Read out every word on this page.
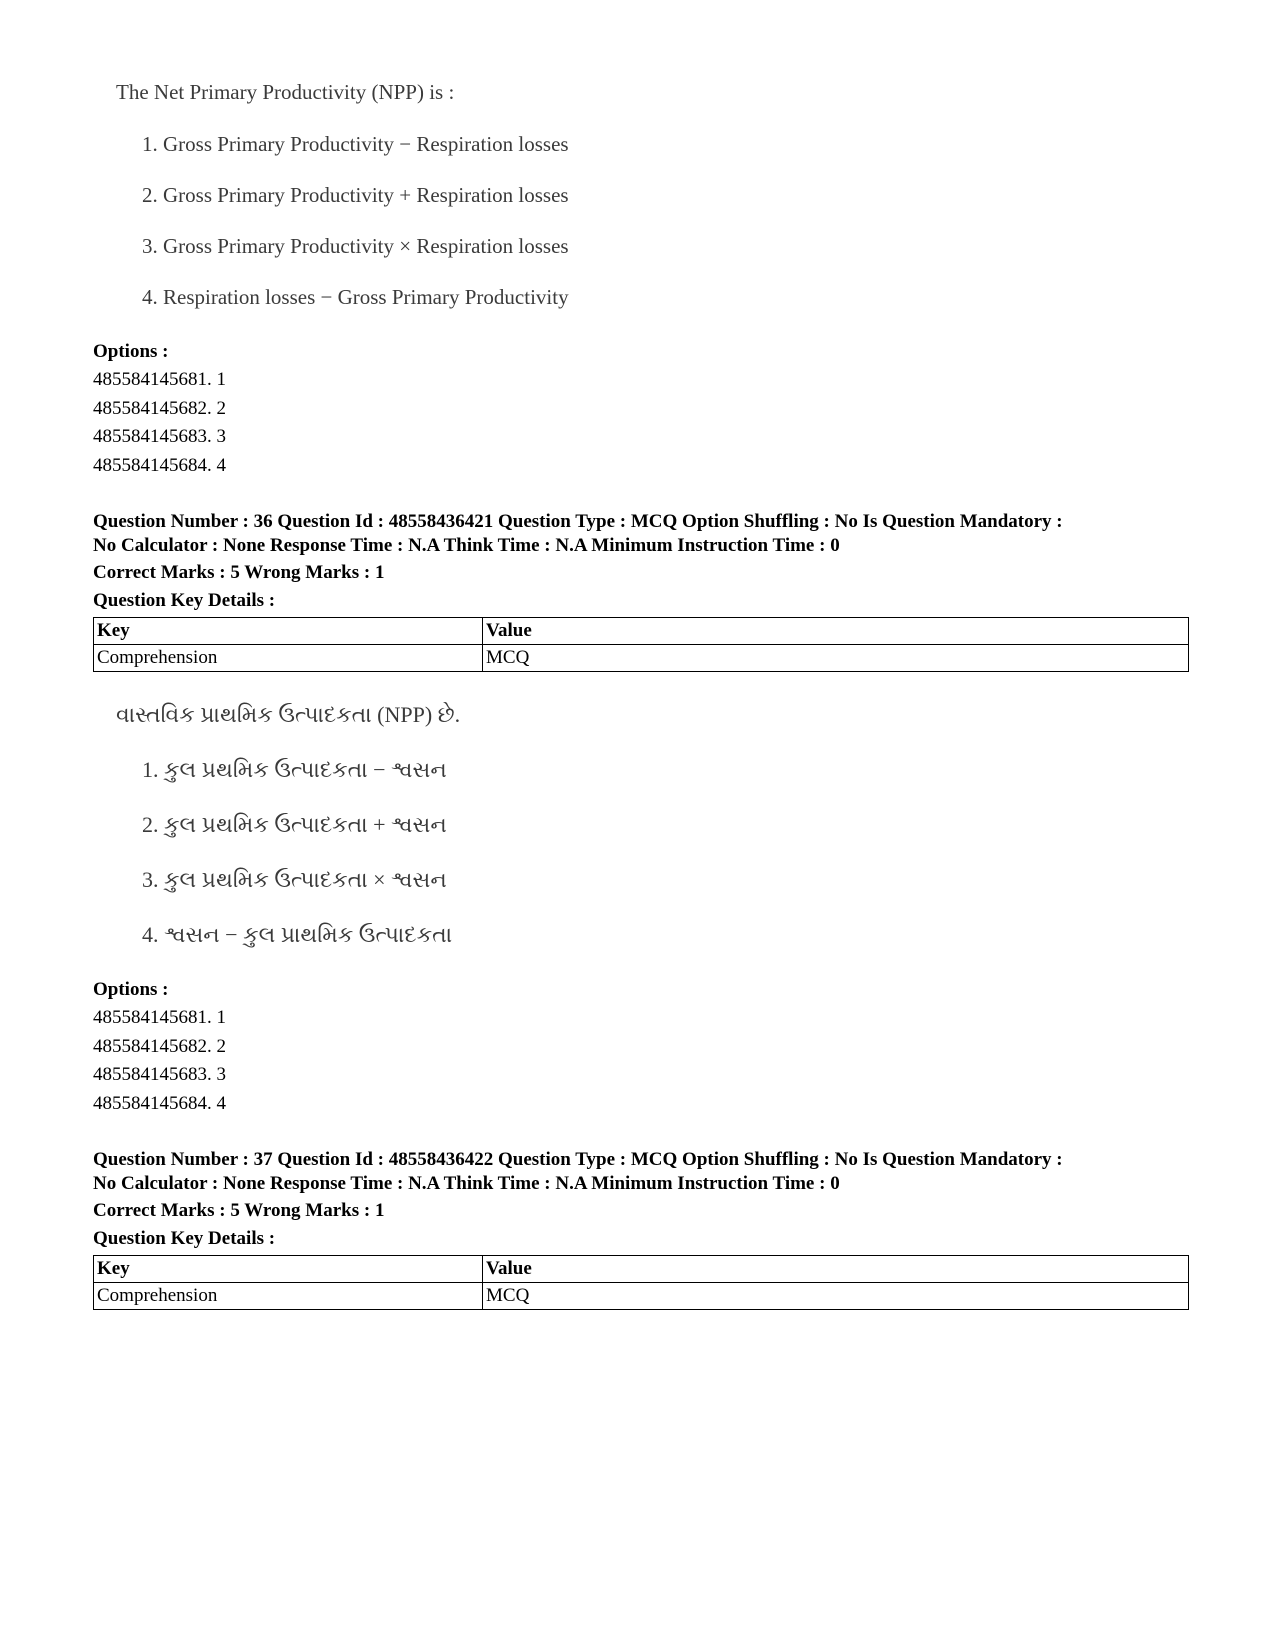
The Net Primary Productivity (NPP) is :
1. Gross Primary Productivity − Respiration losses
2. Gross Primary Productivity + Respiration losses
3. Gross Primary Productivity × Respiration losses
4. Respiration losses − Gross Primary Productivity
Options :
485584145681. 1
485584145682. 2
485584145683. 3
485584145684. 4
Question Number : 36 Question Id : 48558436421 Question Type : MCQ Option Shuffling : No Is Question Mandatory :
No Calculator : None Response Time : N.A Think Time : N.A Minimum Instruction Time : 0
Correct Marks : 5 Wrong Marks : 1
Question Key Details :
Key	Value
Comprehension	MCQ
વાસ્તવિક પ્રાથમિક ઉત્પાદકતા (NPP) છે.
1. કુલ પ્રથમિક ઉત્પાદકતા − શ્વસન
2. કુલ પ્રથમિક ઉત્પાદકતા + શ્વસન
3. કુલ પ્રથમિક ઉત્પાદકતા × શ્વસન
4. શ્વસન − કુલ પ્રાથમિક ઉત્પાદકતા
Options :
485584145681. 1
485584145682. 2
485584145683. 3
485584145684. 4
Question Number : 37 Question Id : 48558436422 Question Type : MCQ Option Shuffling : No Is Question Mandatory :
No Calculator : None Response Time : N.A Think Time : N.A Minimum Instruction Time : 0
Correct Marks : 5 Wrong Marks : 1
Question Key Details :
Key	Value
Comprehension	MCQ
